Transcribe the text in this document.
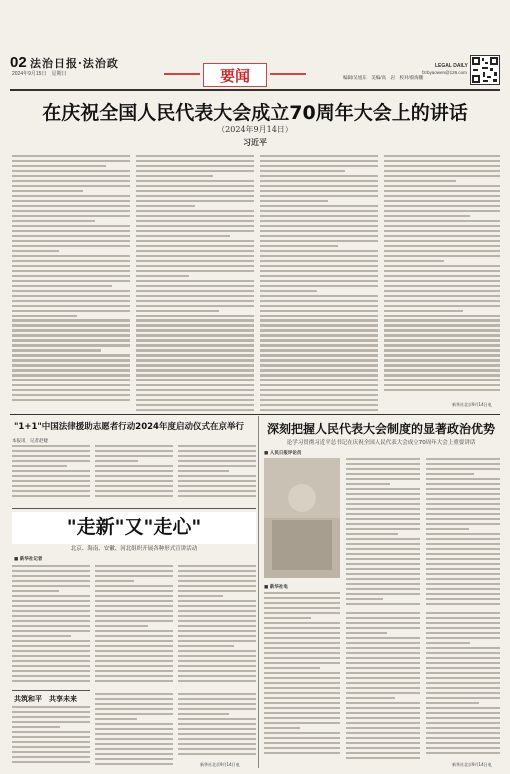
02 法治日报·法治政
2024年9月15日　星期日	要闻	编辑/吴旭东　美编/高　岩　校对/蔡海鹏
LEGAL DAILY
fzrbyaowen@126.com
在庆祝全国人民代表大会成立70周年大会上的讲话
（2024年9月14日）
习近平
新华社北京9月14日电
"1+1"中国法律援助志愿者行动2024年度启动仪式在京举行
本报讯　记者赵婕
"走新"又"走心"
北京、海南、安徽、河北组织开展各种形式宣讲活动
■ 新华社记者
共筑和平　共享未来
新华社北京9月14日电
深刻把握人民代表大会制度的显著政治优势
论学习贯彻习近平总书记在庆祝全国人民代表大会成立70周年大会上重要讲话
■ 人民日报评论员
■ 新华社电
新华社北京9月14日电
